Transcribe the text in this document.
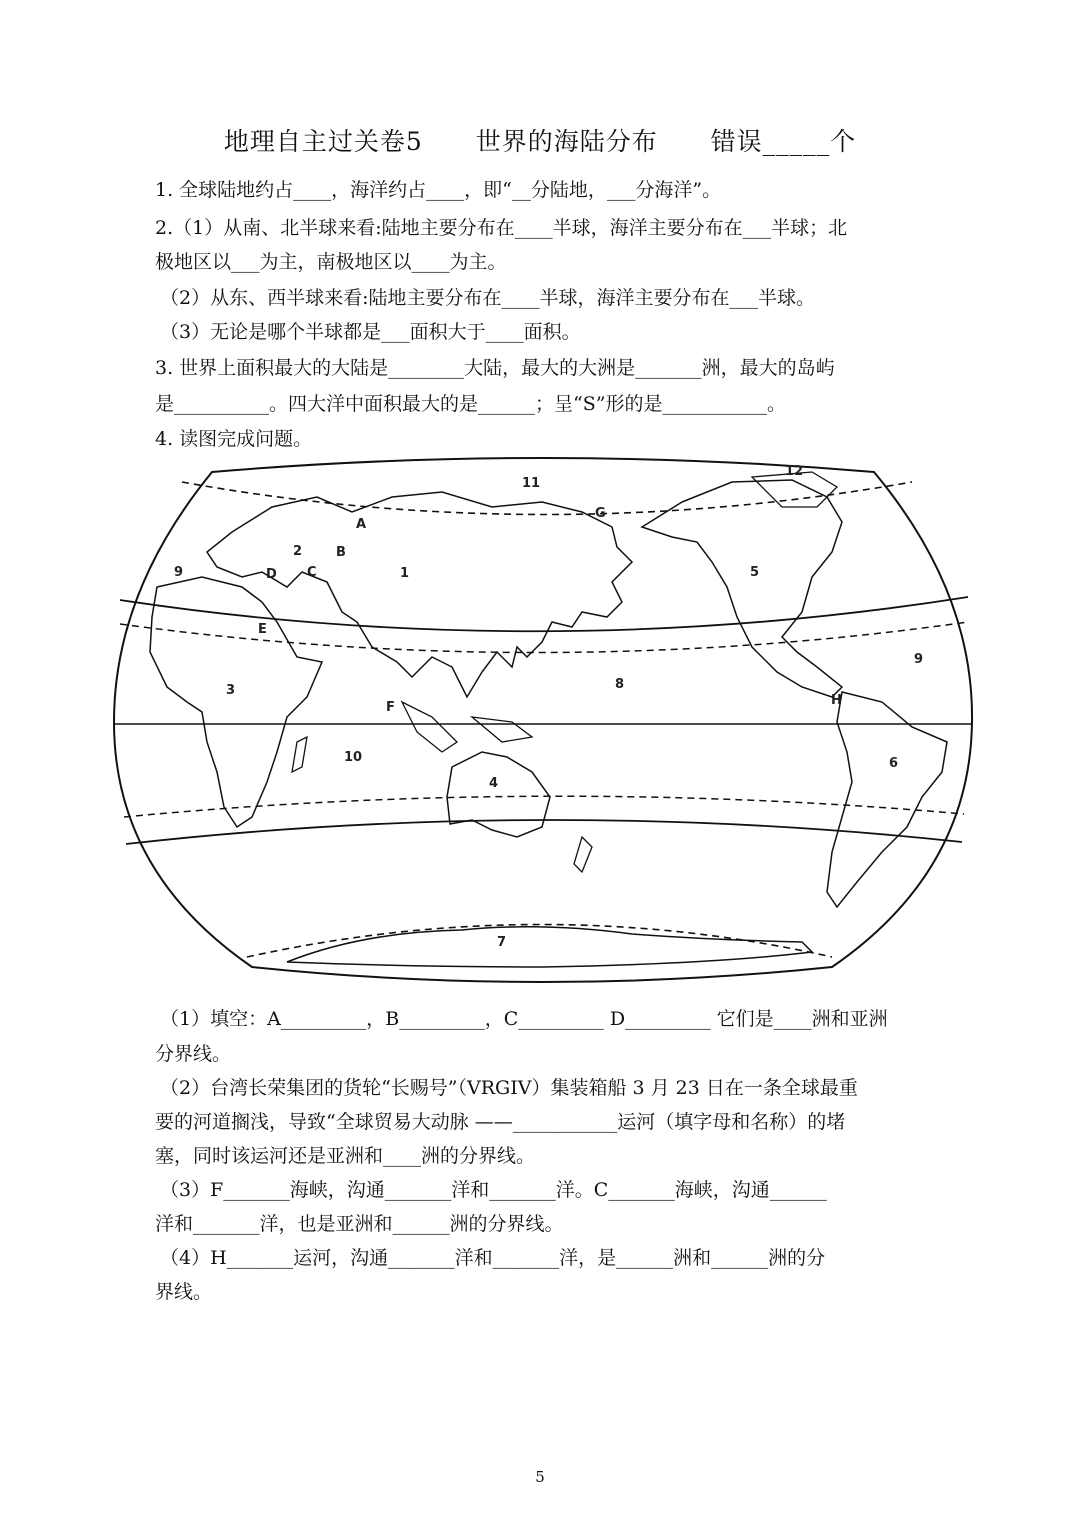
地理自主过关卷5 世界的海陆分布 错误_____个
1. 全球陆地约占____，海洋约占____，即“__分陆地，___分海洋”。
2.（1）从南、北半球来看:陆地主要分布在____半球，海洋主要分布在___半球；北
极地区以___为主，南极地区以____为主。
（2）从东、西半球来看:陆地主要分布在____半球，海洋主要分布在___半球。
（3）无论是哪个半球都是___面积大于____面积。
3. 世界上面积最大的大陆是________大陆，最大的大洲是_______洲，最大的岛屿
是__________。四大洋中面积最大的是______；呈“S”形的是___________。
4. 读图完成问题。
1
2
3
4
5
6
7
8
9
9
10
11
12
A
B
C
D
E
F
G
H
（1）填空：A_________，B_________，C_________ D_________ 它们是____洲和亚洲
分界线。
（2）台湾长荣集团的货轮“长赐号”（VRGIV）集装箱船 3 月 23 日在一条全球最重
要的河道搁浅，导致“全球贸易大动脉 ——___________运河（填字母和名称）的堵
塞，同时该运河还是亚洲和____洲的分界线。
（3）F_______海峡，沟通_______洋和_______洋。C_______海峡，沟通______
洋和_______洋，也是亚洲和______洲的分界线。
（4）H_______运河，沟通_______洋和_______洋，是______洲和______洲的分
界线。
5
